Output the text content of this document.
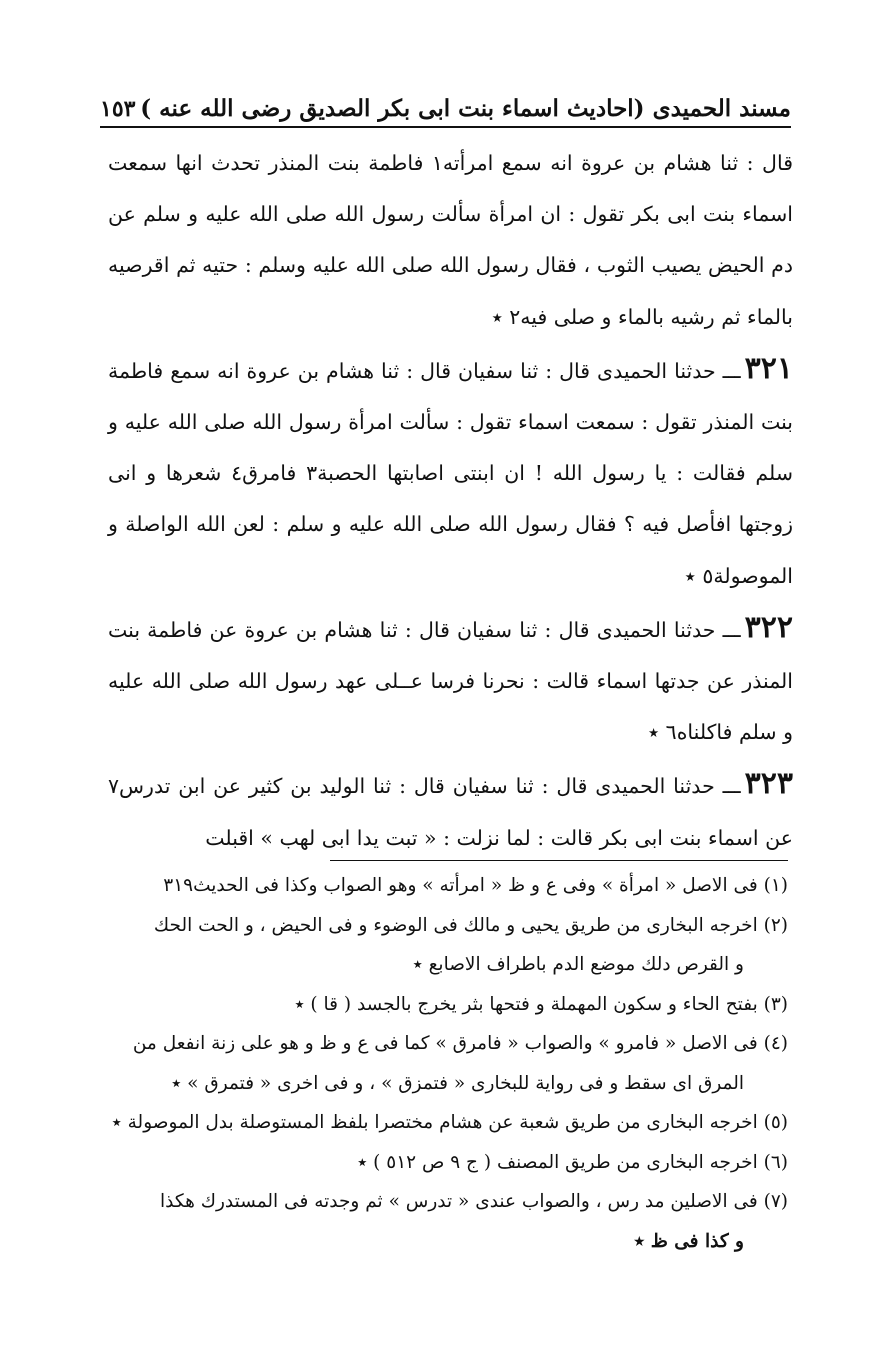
مسند الحميدى (احاديث اسماء بنت ابى بكر الصديق رضى الله عنه )
١٥٣

قال : ثنا هشام بن عروة انه سمع امرأته١ فاطمة بنت المنذر تحدث انها سمعت اسماء بنت ابى بكر تقول : ان امرأة سألت رسول الله صلى الله عليه و سلم عن دم الحيض يصيب الثوب ، فقال رسول الله صلى الله عليه وسلم : حتيه ثم اقرصيه بالماء ثم رشيه بالماء و صلى فيه٢ ٭

٣٢١ـــ حدثنا الحميدى قال : ثنا سفيان قال : ثنا هشام بن عروة انه سمع فاطمة بنت المنذر تقول : سمعت اسماء تقول : سألت امرأة رسول الله صلى الله عليه و سلم فقالت : يا رسول الله ! ان ابنتى اصابتها الحصبة٣ فامرق٤ شعرها و انى زوجتها افأصل فيه ؟ فقال رسول الله صلى الله عليه و سلم : لعن الله الواصلة و الموصولة٥ ٭

٣٢٢ـــ حدثنا الحميدى قال : ثنا سفيان قال : ثنا هشام بن عروة عن فاطمة بنت المنذر عن جدتها اسماء قالت : نحرنا فرسا عــلى عهد رسول الله صلى الله عليه و سلم فاكلناه٦ ٭

٣٢٣ـــ حدثنا الحميدى قال : ثنا سفيان قال : ثنا الوليد بن كثير عن ابن تدرس٧ عن اسماء بنت ابى بكر قالت : لما نزلت : « تبت يدا ابى لهب » اقبلت

(١) فى الاصل « امرأة » وفى ع و ظ « امرأته » وهو الصواب وكذا فى الحديث٣١٩

(٢) اخرجه البخارى من طريق يحيى و مالك فى الوضوء و فى الحيض ، و الحت الحك

و القرص دلك موضع الدم باطراف الاصابع ٭

(٣) بفتح الحاء و سكون المهملة و فتحها بثر يخرج بالجسد ( قا ) ٭

(٤) فى الاصل « فامرو » والصواب « فامرق » كما فى ع و ظ و هو على زنة انفعل من

المرق اى سقط و فى رواية للبخارى « فتمزق » ، و فى اخرى « فتمرق » ٭

(٥) اخرجه البخارى من طريق شعبة عن هشام مختصرا بلفظ المستوصلة بدل الموصولة ٭

(٦) اخرجه البخارى من طريق المصنف ( ج ٩ ص ٥١٢ ) ٭

(٧) فى الاصلين مد رس ، والصواب عندى « تدرس » ثم وجدته فى المستدرك هكذا

و كذا فى ظ ٭
